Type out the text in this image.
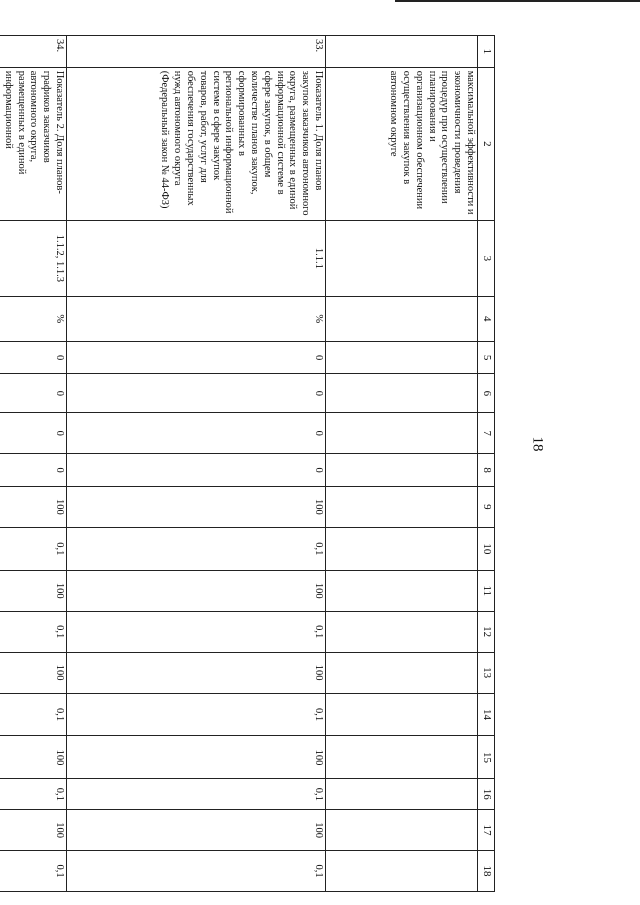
18
1	2	3	4	5	6	7	8	9	10	11	12	13	14	15	16	17	18
	максимальной эффективности и экономичности проведения процедур при осуществлении планирования и организационном обеспечении осуществления закупок в автономном округе																
33.	Показатель 1. Доля планов закупок заказчиков автономного округа, размещенных в единой информационной системе в сфере закупок, в общем количестве планов закупок, сформированных в региональной информационной системе в сфере закупок товаров, работ, услуг для обеспечения государственных нужд автономного округа (Федеральный закон № 44-ФЗ)	1.1.1	%	0	0	0	0	100	0,1	100	0,1	100	0,1	100	0,1	100	0,1
34.	Показатель 2. Доля планов-графиков заказчиков автономного округа, размещенных в единой информационной	1.1.2, 1.1.3	%	0	0	0	0	100	0,1	100	0,1	100	0,1	100	0,1	100	0,1
